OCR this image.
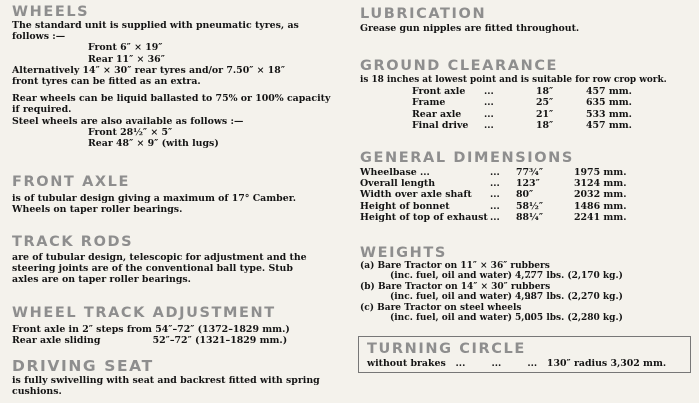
WHEELS
The standard unit is supplied with pneumatic tyres, as
follows :—
Front 6″ × 19″
Rear 11″ × 36″
Alternatively 14″ × 30″ rear tyres and/or 7.50″ × 18″
front tyres can be fitted as an extra.
Rear wheels can be liquid ballasted to 75% or 100% capacity
if required.
Steel wheels are also available as follows :—
Front 28½″ × 5″
Rear 48″ × 9″ (with lugs)
FRONT AXLE
is of tubular design giving a maximum of 17° Camber.
Wheels on taper roller bearings.
TRACK RODS
are of tubular design, telescopic for adjustment and the
steering joints are of the conventional ball type. Stub
axles are on taper roller bearings.
WHEEL TRACK ADJUSTMENT
Front axle in 2″ steps from 54″–72″ (1372–1829 mm.)
Rear axle sliding                52″–72″ (1321–1829 mm.)
DRIVING SEAT
is fully swivelling with seat and backrest fitted with spring
cushions.
LUBRICATION
Grease gun nipples are fitted throughout.
GROUND CLEARANCE
is 18 inches at lowest point and is suitable for row crop work.
Front axle	...	18″	457 mm.
Frame	...	25″	635 mm.
Rear axle	...	21″	533 mm.
Final drive	...	18″	457 mm.
GENERAL DIMENSIONS
Wheelbase ...	...	77¾″	1975 mm.
Overall length	...	123″	3124 mm.
Width over axle shaft	...	80″	2032 mm.
Height of bonnet	...	58½″	1486 mm.
Height of top of exhaust ...	88¼″	2241 mm.
WEIGHTS
(a) Bare Tractor on 11″ × 36″ rubbers
(inc. fuel, oil and water)    ...
4,777 lbs. (2,170 kg.)
(b) Bare Tractor on 14″ × 30″ rubbers
(inc. fuel, oil and water)    ...
4,987 lbs. (2,270 kg.)
(c) Bare Tractor on steel wheels
(inc. fuel, oil and water)    ...
5,005 lbs. (2,280 kg.)
TURNING CIRCLE
without brakes   ...        ...        ...   130″ radius 3,302 mm.
